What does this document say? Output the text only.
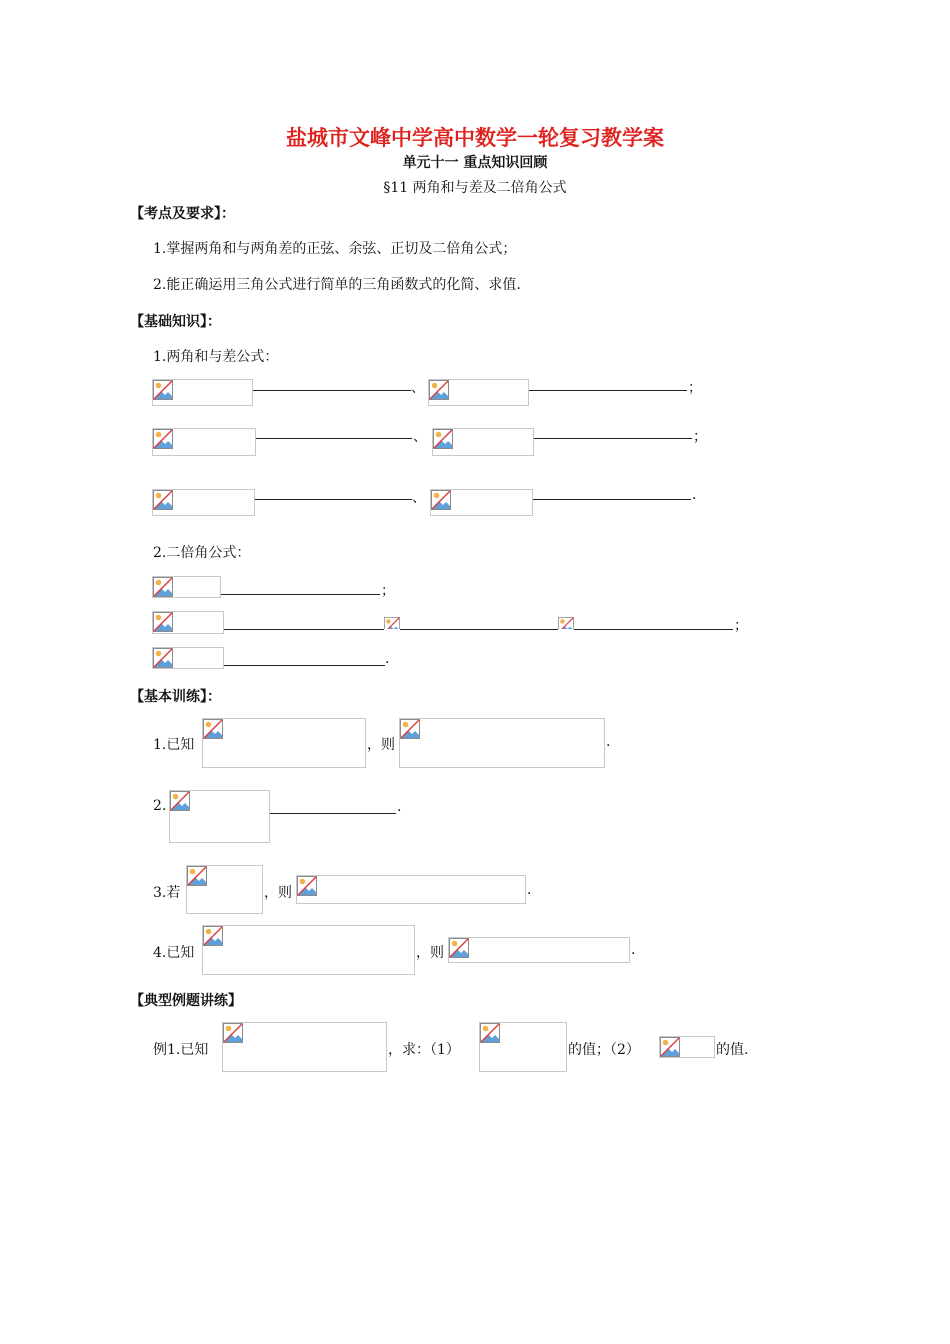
盐城市文峰中学高中数学一轮复习教学案
单元十一 重点知识回顾
§11 两角和与差及二倍角公式
【考点及要求】：
1.掌握两角和与两角差的正弦、余弦、正切及二倍角公式；
2.能正确运用三角公式进行简单的三角函数式的化简、求值.
【基础知识】：
1.两角和与差公式：
、	；
、	；
、	.
2.二倍角公式：
；
；
.
【基本训练】：
1.已知	，则	.
2.	.
3.若	，则	.
4.已知	，则	.
【典型例题讲练】
例1.已知	，求：（1）	的值；（2）	的值.
